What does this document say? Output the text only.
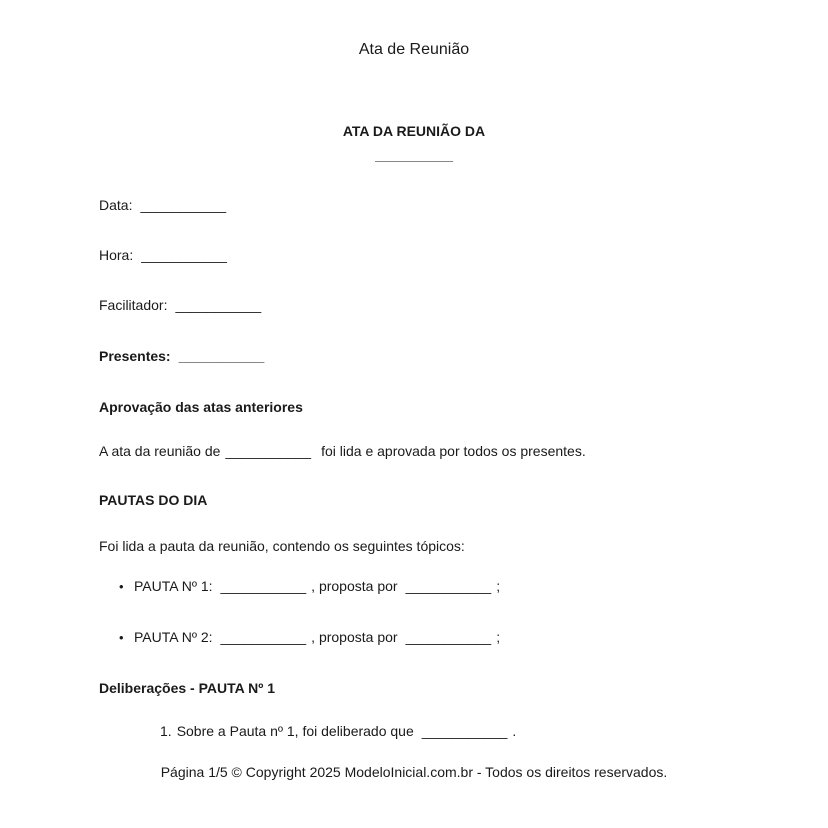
Ata de Reunião
ATA DA REUNIÃO DA
__________
Data: ___________
Hora: ___________
Facilitador: ___________
Presentes: ___________
Aprovação das atas anteriores
A ata da reunião de ___________ foi lida e aprovada por todos os presentes.
PAUTAS DO DIA
Foi lida a pauta da reunião, contendo os seguintes tópicos:
• PAUTA Nº 1: ___________ , proposta por ___________ ;
• PAUTA Nº 2: ___________ , proposta por ___________ ;
Deliberações - PAUTA Nº 1
1. Sobre a Pauta nº 1, foi deliberado que ___________ .
Página 1/5 © Copyright 2025 ModeloInicial.com.br - Todos os direitos reservados.
